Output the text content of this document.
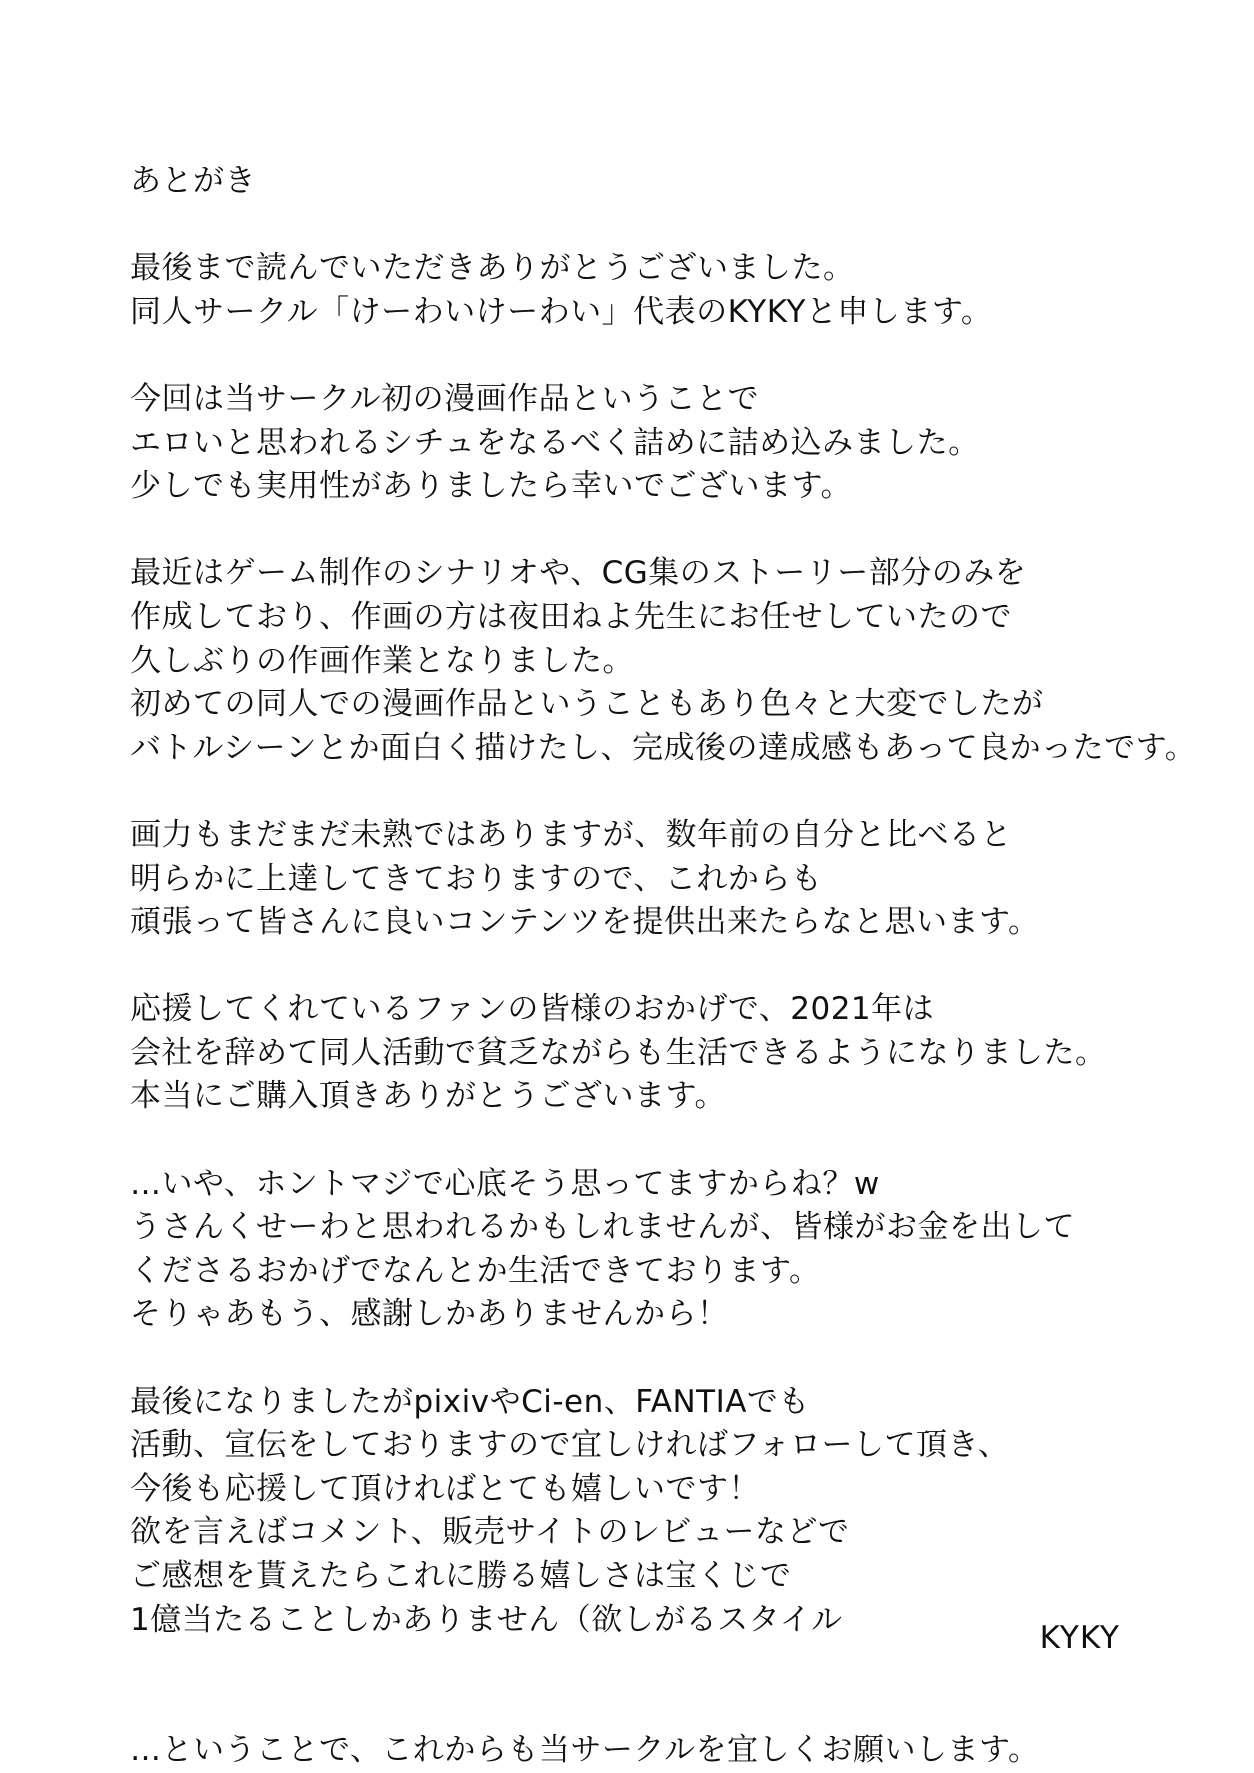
あとがき
最後まで読んでいただきありがとうございました。
同人サークル「けーわいけーわい」代表のKYKYと申します。
今回は当サークル初の漫画作品ということで
エロいと思われるシチュをなるべく詰めに詰め込みました。
少しでも実用性がありましたら幸いでございます。
最近はゲーム制作のシナリオや、CG集のストーリー部分のみを
作成しており、作画の方は夜田ねよ先生にお任せしていたので
久しぶりの作画作業となりました。
初めての同人での漫画作品ということもあり色々と大変でしたが
バトルシーンとか面白く描けたし、完成後の達成感もあって良かったです。
画力もまだまだ未熟ではありますが、数年前の自分と比べると
明らかに上達してきておりますので、これからも
頑張って皆さんに良いコンテンツを提供出来たらなと思います。
応援してくれているファンの皆様のおかげで、2021年は
会社を辞めて同人活動で貧乏ながらも生活できるようになりました。
本当にご購入頂きありがとうございます。
…いや、ホントマジで心底そう思ってますからね？w
うさんくせーわと思われるかもしれませんが、皆様がお金を出して
くださるおかげでなんとか生活できております。
そりゃあもう、感謝しかありませんから！
最後になりましたがpixivやCi-en、FANTIAでも
活動、宣伝をしておりますので宜しければフォローして頂き、
今後も応援して頂ければとても嬉しいです！
欲を言えばコメント、販売サイトのレビューなどで
ご感想を貰えたらこれに勝る嬉しさは宝くじで
1億当たることしかありません（欲しがるスタイル
…ということで、これからも当サークルを宜しくお願いします。
KYKY
